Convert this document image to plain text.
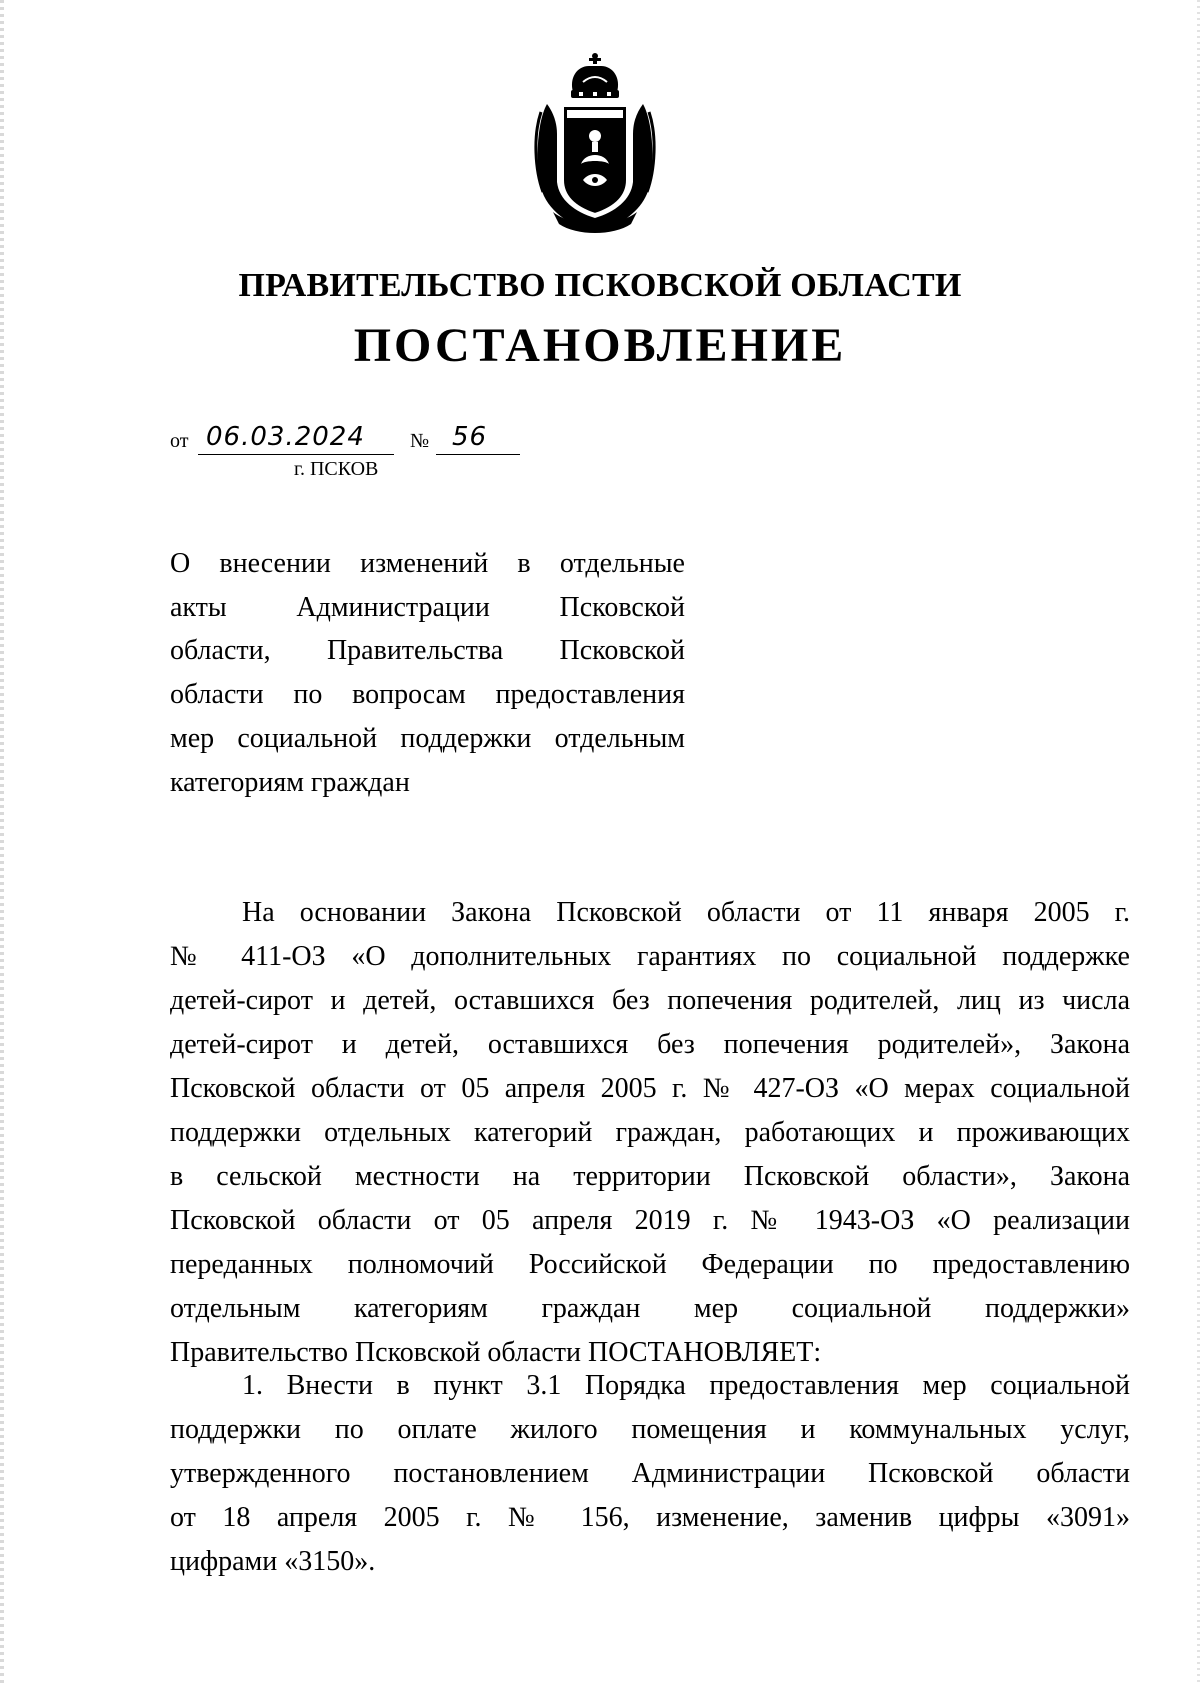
ПРАВИТЕЛЬСТВО ПСКОВСКОЙ ОБЛАСТИ
ПОСТАНОВЛЕНИЕ
от 06.03.2024 № 56
г. ПСКОВ
О внесении изменений в отдельные
акты Администрации Псковской
области, Правительства Псковской
области по вопросам предоставления
мер социальной поддержки отдельным
категориям граждан
На основании Закона Псковской области от 11 января 2005 г.
№ 411-ОЗ «О дополнительных гарантиях по социальной поддержке
детей-сирот и детей, оставшихся без попечения родителей, лиц из числа
детей-сирот и детей, оставшихся без попечения родителей», Закона
Псковской области от 05 апреля 2005 г. № 427-ОЗ «О мерах социальной
поддержки отдельных категорий граждан, работающих и проживающих
в сельской местности на территории Псковской области», Закона
Псковской области от 05 апреля 2019 г. № 1943-ОЗ «О реализации
переданных полномочий Российской Федерации по предоставлению
отдельным категориям граждан мер социальной поддержки»
Правительство Псковской области ПОСТАНОВЛЯЕТ:
1. Внести в пункт 3.1 Порядка предоставления мер социальной
поддержки по оплате жилого помещения и коммунальных услуг,
утвержденного постановлением Администрации Псковской области
от 18 апреля 2005 г. № 156, изменение, заменив цифры «3091»
цифрами «3150».
